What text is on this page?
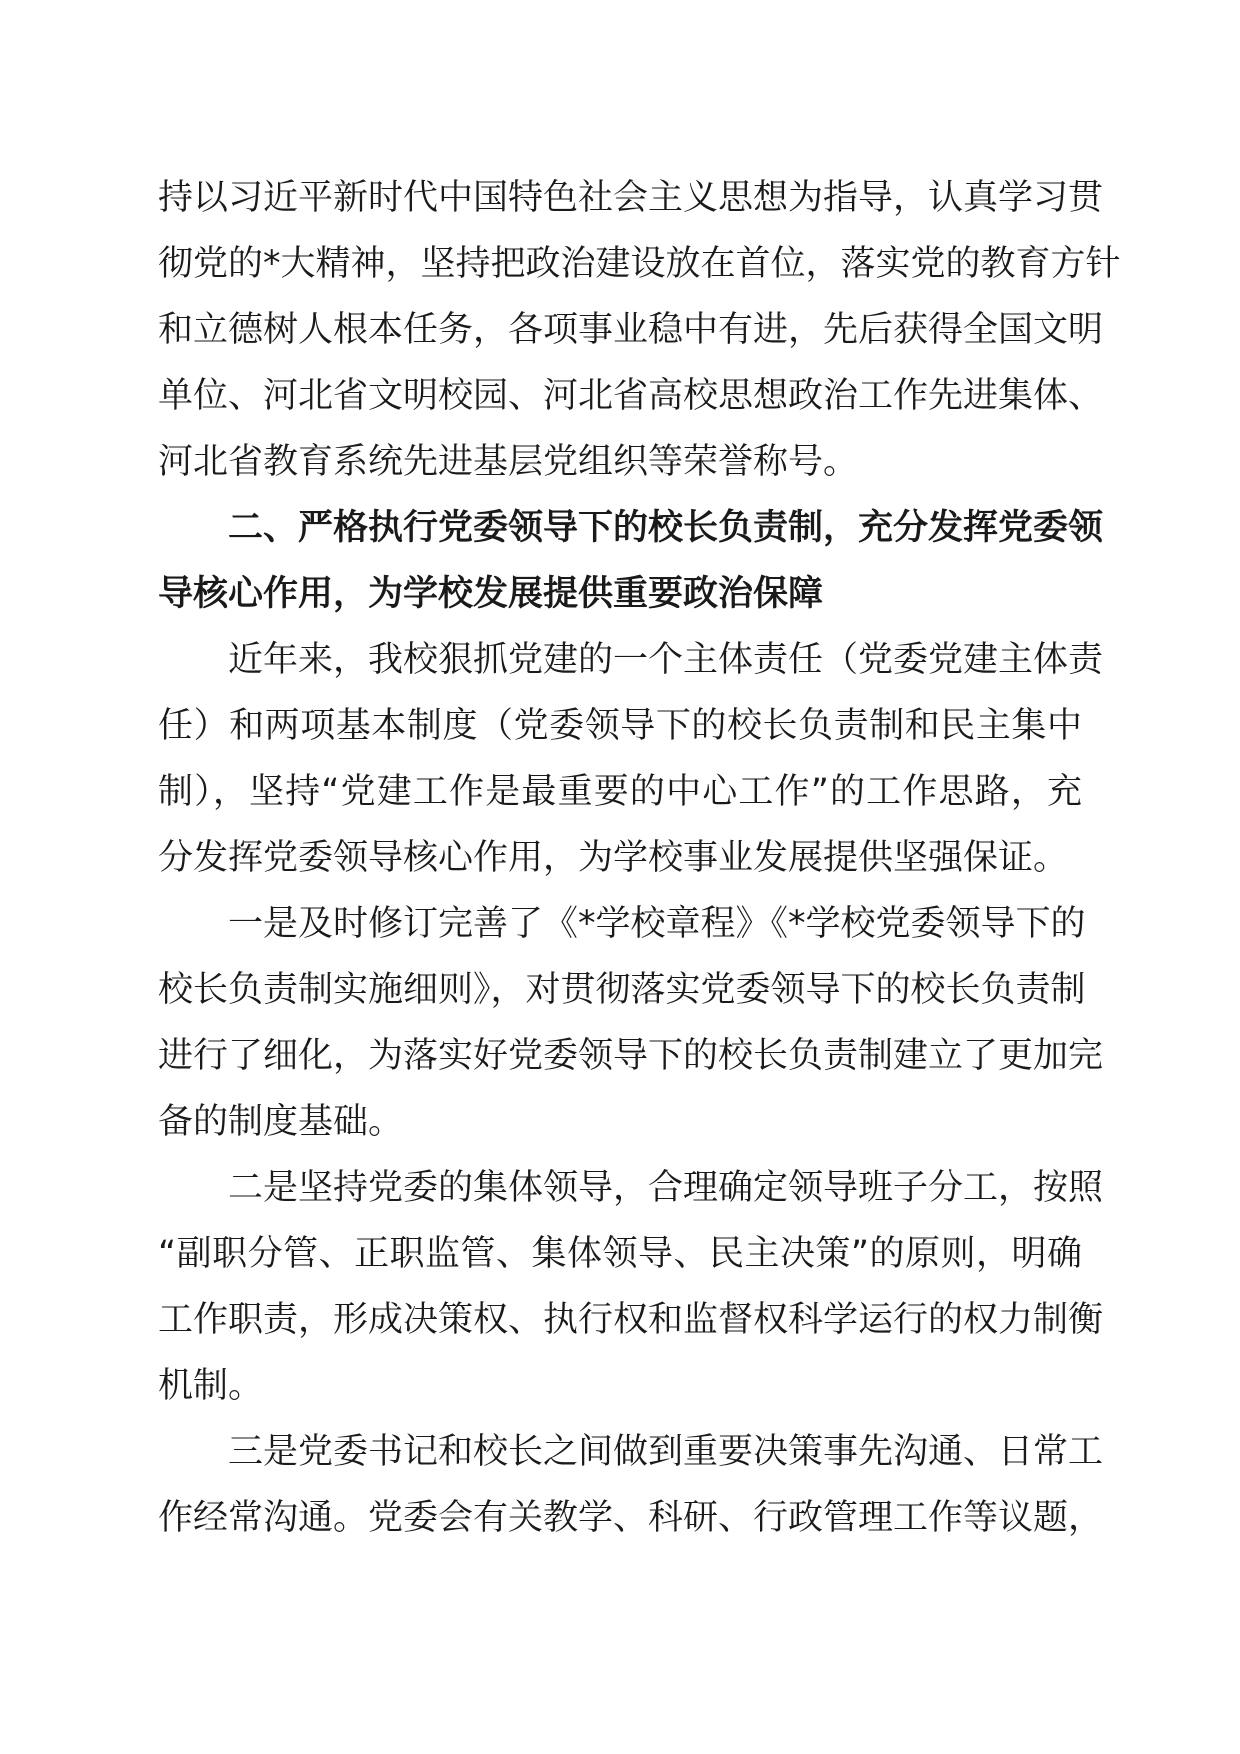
持以习近平新时代中国特色社会主义思想为指导，认真学习贯
彻党的*大精神，坚持把政治建设放在首位，落实党的教育方针
和立德树人根本任务，各项事业稳中有进，先后获得全国文明
单位、河北省文明校园、河北省高校思想政治工作先进集体、
河北省教育系统先进基层党组织等荣誉称号。
二、严格执行党委领导下的校长负责制，充分发挥党委领
导核心作用，为学校发展提供重要政治保障
近年来，我校狠抓党建的一个主体责任（党委党建主体责
任）和两项基本制度（党委领导下的校长负责制和民主集中
制），坚持“党建工作是最重要的中心工作”的工作思路，充
分发挥党委领导核心作用，为学校事业发展提供坚强保证。
一是及时修订完善了《*学校章程》《*学校党委领导下的
校长负责制实施细则》，对贯彻落实党委领导下的校长负责制
进行了细化，为落实好党委领导下的校长负责制建立了更加完
备的制度基础。
二是坚持党委的集体领导，合理确定领导班子分工，按照
“副职分管、正职监管、集体领导、民主决策”的原则，明确
工作职责，形成决策权、执行权和监督权科学运行的权力制衡
机制。
三是党委书记和校长之间做到重要决策事先沟通、日常工
作经常沟通。党委会有关教学、科研、行政管理工作等议题，
